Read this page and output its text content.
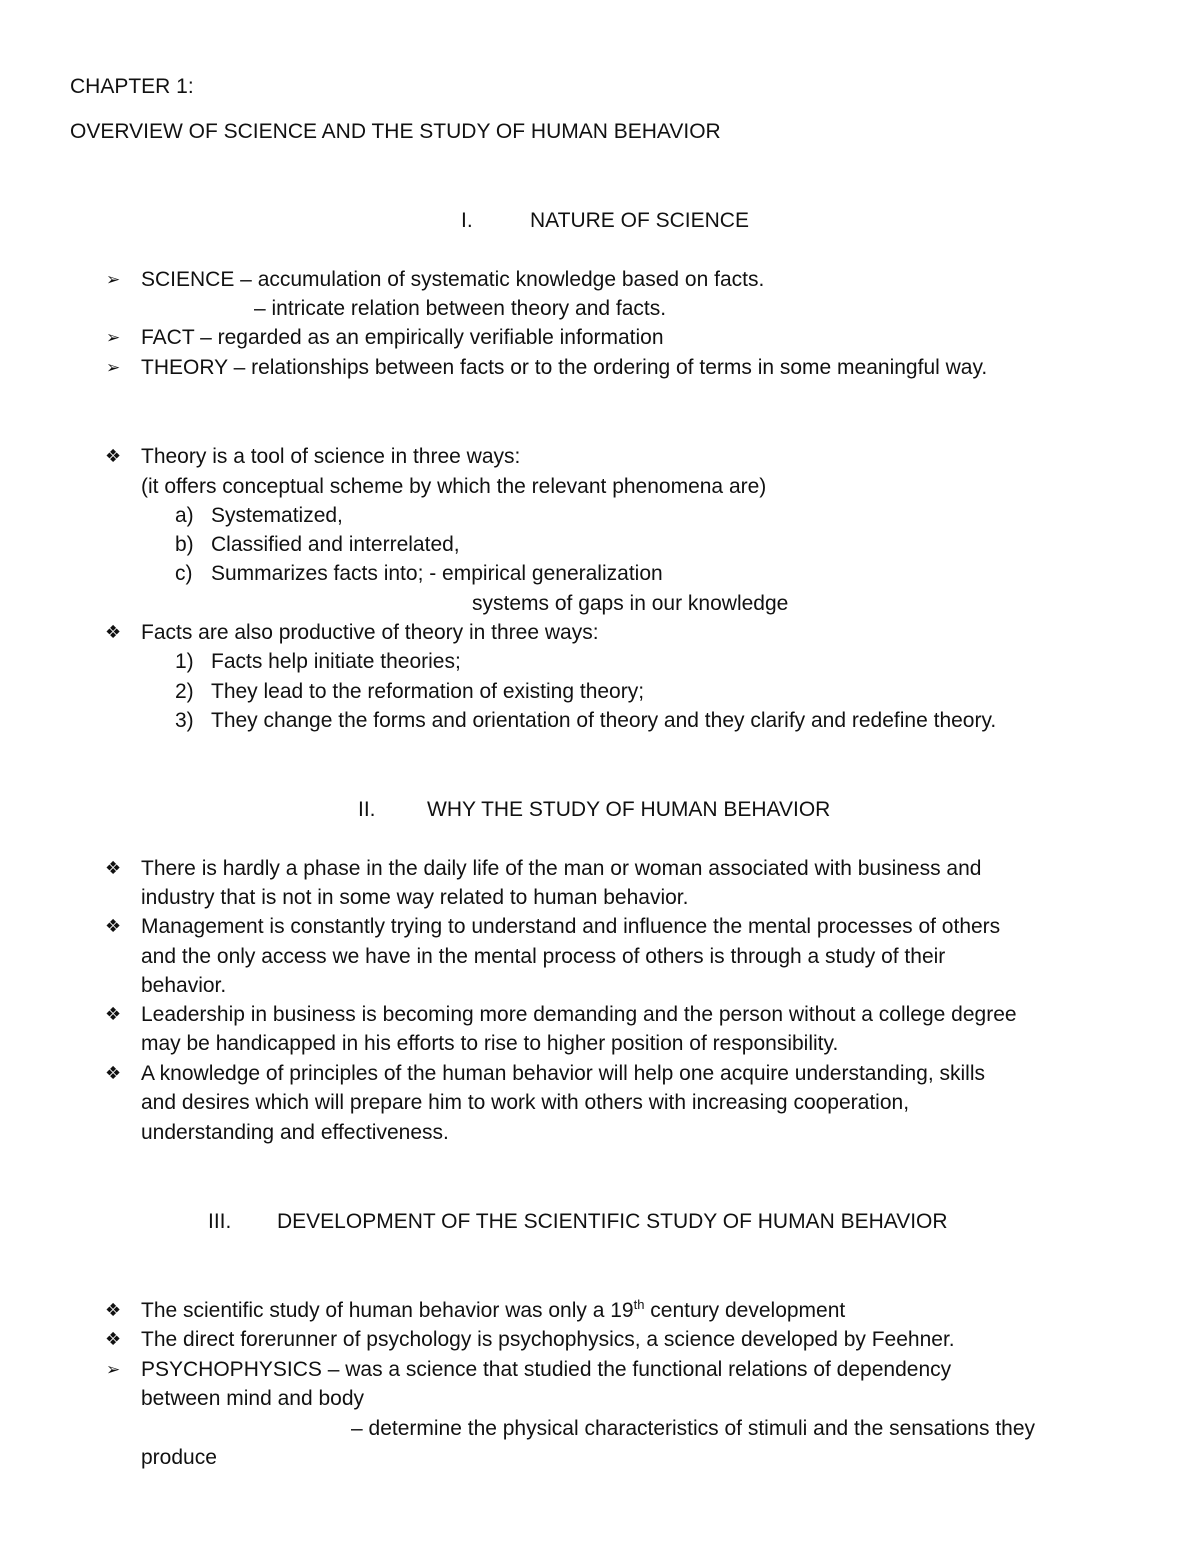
CHAPTER 1:
OVERVIEW OF SCIENCE AND THE STUDY OF HUMAN BEHAVIOR
I.	NATURE OF SCIENCE
➢ SCIENCE – accumulation of systematic knowledge based on facts.
– intricate relation between theory and facts.
➢ FACT – regarded as an empirically verifiable information
➢ THEORY – relationships between facts or to the ordering of terms in some meaningful way.
❖ Theory is a tool of science in three ways:
(it offers conceptual scheme by which the relevant phenomena are)
a) Systematized,
b) Classified and interrelated,
c) Summarizes facts into; - empirical generalization
systems of gaps in our knowledge
❖ Facts are also productive of theory in three ways:
1) Facts help initiate theories;
2) They lead to the reformation of existing theory;
3) They change the forms and orientation of theory and they clarify and redefine theory.
II. WHY THE STUDY OF HUMAN BEHAVIOR
❖ There is hardly a phase in the daily life of the man or woman associated with business and
industry that is not in some way related to human behavior.
❖ Management is constantly trying to understand and influence the mental processes of others
and the only access we have in the mental process of others is through a study of their
behavior.
❖ Leadership in business is becoming more demanding and the person without a college degree
may be handicapped in his efforts to rise to higher position of responsibility.
❖ A knowledge of principles of the human behavior will help one acquire understanding, skills
and desires which will prepare him to work with others with increasing cooperation,
understanding and effectiveness.
III. DEVELOPMENT OF THE SCIENTIFIC STUDY OF HUMAN BEHAVIOR
❖ The scientific study of human behavior was only a 19th century development
❖ The direct forerunner of psychology is psychophysics, a science developed by Feehner.
➢ PSYCHOPHYSICS – was a science that studied the functional relations of dependency
between mind and body
– determine the physical characteristics of stimuli and the sensations they
produce
